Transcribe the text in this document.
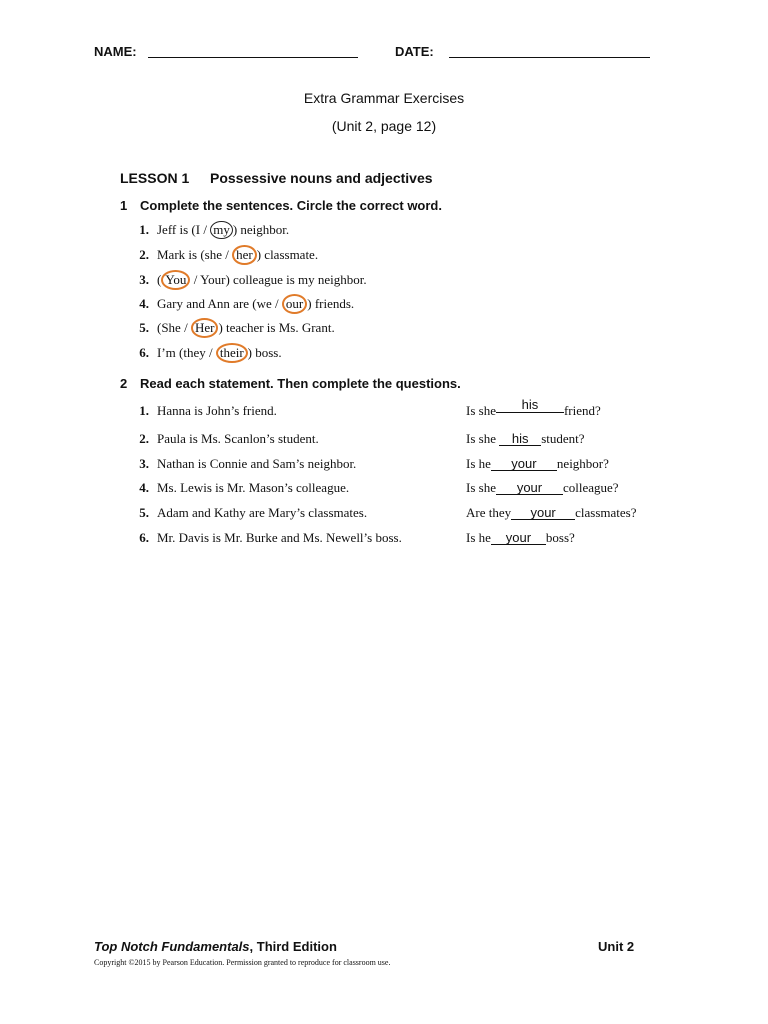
NAME:	DATE:
Extra Grammar Exercises
(Unit 2, page 12)
LESSON 1 Possessive nouns and adjectives
1 Complete the sentences. Circle the correct word.
1. Jeff is (I / my ) neighbor.
2. Mark is (she / her ) classmate.
3. ( You / Your) colleague is my neighbor.
4. Gary and Ann are (we / our ) friends.
5. (She / Her ) teacher is Ms. Grant.
6. I’m (they / their ) boss.
2 Read each statement. Then complete the questions.
1. Hanna is John’s friend.	Is she his friend?
2. Paula is Ms. Scanlon’s student.	Is she his student?
3. Nathan is Connie and Sam’s neighbor.	Is he your neighbor?
4. Ms. Lewis is Mr. Mason’s colleague.	Is she your colleague?
5. Adam and Kathy are Mary’s classmates.	Are they your classmates?
6. Mr. Davis is Mr. Burke and Ms. Newell’s boss.	Is he your boss?
Top Notch Fundamentals, Third Edition	Unit 2
Copyright ©2015 by Pearson Education. Permission granted to reproduce for classroom use.
